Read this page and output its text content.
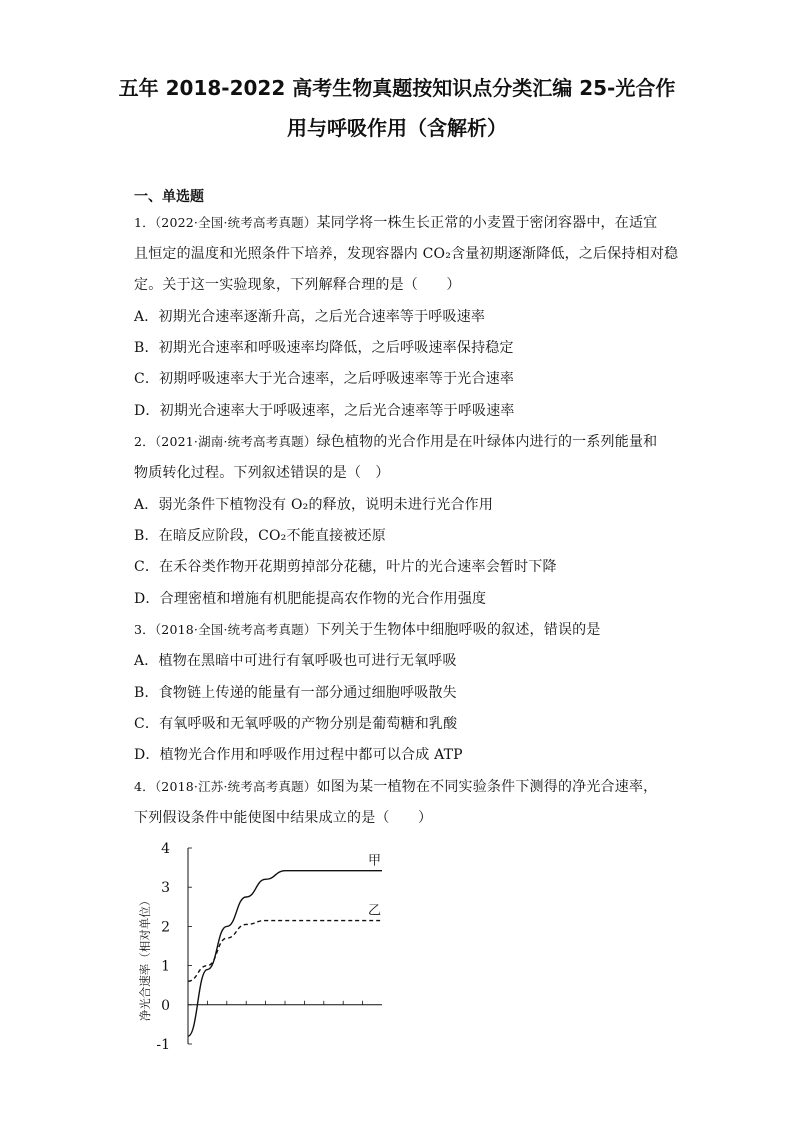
五年 2018-2022 高考生物真题按知识点分类汇编 25-光合作
用与呼吸作用（含解析）
一、单选题
1．（2022·全国·统考高考真题）某同学将一株生长正常的小麦置于密闭容器中，在适宜
且恒定的温度和光照条件下培养，发现容器内 CO₂含量初期逐渐降低，之后保持相对稳
定。关于这一实验现象，下列解释合理的是（　　）
A．初期光合速率逐渐升高，之后光合速率等于呼吸速率
B．初期光合速率和呼吸速率均降低，之后呼吸速率保持稳定
C．初期呼吸速率大于光合速率，之后呼吸速率等于光合速率
D．初期光合速率大于呼吸速率，之后光合速率等于呼吸速率
2．（2021·湖南·统考高考真题）绿色植物的光合作用是在叶绿体内进行的一系列能量和
物质转化过程。下列叙述错误的是（　）
A．弱光条件下植物没有 O₂的释放，说明未进行光合作用
B．在暗反应阶段，CO₂不能直接被还原
C．在禾谷类作物开花期剪掉部分花穗，叶片的光合速率会暂时下降
D．合理密植和增施有机肥能提高农作物的光合作用强度
3．（2018·全国·统考高考真题）下列关于生物体中细胞呼吸的叙述，错误的是
A．植物在黑暗中可进行有氧呼吸也可进行无氧呼吸
B．食物链上传递的能量有一部分通过细胞呼吸散失
C．有氧呼吸和无氧呼吸的产物分别是葡萄糖和乳酸
D．植物光合作用和呼吸作用过程中都可以合成 ATP
4．（2018·江苏·统考高考真题）如图为某一植物在不同实验条件下测得的净光合速率，
下列假设条件中能使图中结果成立的是（　　）
4
3
2
1
0
-1
净光合速率（相对单位）
甲
乙
